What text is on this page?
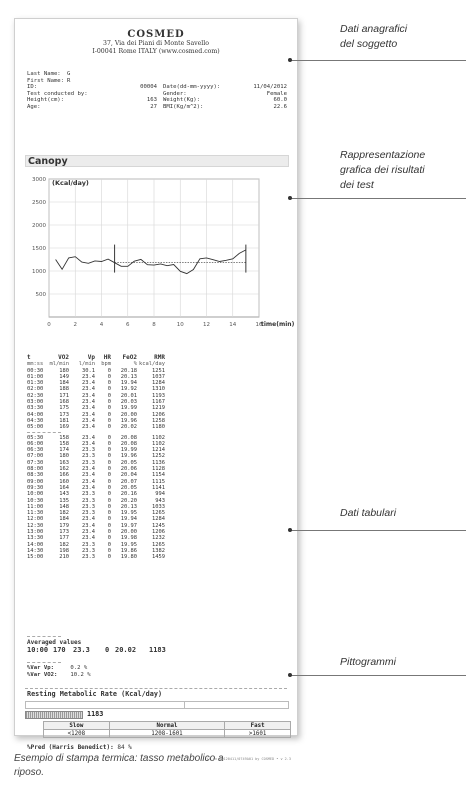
COSMED
37, Via dei Piani di Monte Savello
I-00041 Rome ITALY (www.cosmed.com)
Last Name: G
First Name: R
ID:	00004 Date(dd-mm-yyyy):	11/04/2012
Test conducted by:	Gender:	Female
Height(cm):	163 Weight(Kg):	60.0
Age:	27 BMI(Kg/m^2):	22.6
Canopy
500
1000
1500
2000
2500
3000
0	2	4	6	8	10	12	14	16
(Kcal/day)
time(min)
t	VO2	Vp	HR	FeO2	RMR
mm:ss	ml/min	l/min	bpm	% kcal/day
00:30	180	30.1	0	20.18	1251
01:00	149	23.4	0	20.13	1037
01:30	184	23.4	0	19.94	1284
02:00	188	23.4	0	19.92	1310
02:30	171	23.4	0	20.01	1193
03:00	168	23.4	0	20.03	1167
03:30	175	23.4	0	19.99	1219
04:00	173	23.4	0	20.00	1206
04:30	181	23.4	0	19.96	1258
05:00	169	23.4	0	20.02	1180
05:30	158	23.4	0	20.08	1102
06:00	158	23.4	0	20.08	1102
06:30	174	23.3	0	19.99	1214
07:00	180	23.3	0	19.96	1252
07:30	163	23.3	0	20.05	1136
08:00	162	23.4	0	20.06	1128
08:30	166	23.4	0	20.04	1154
09:00	160	23.4	0	20.07	1115
09:30	164	23.4	0	20.05	1141
10:00	143	23.3	0	20.16	994
10:30	135	23.3	0	20.20	943
11:00	148	23.3	0	20.13	1033
11:30	182	23.3	0	19.95	1265
12:00	184	23.4	0	19.94	1284
12:30	179	23.4	0	19.97	1245
13:00	173	23.4	0	20.00	1206
13:30	177	23.4	0	19.98	1232
14:00	182	23.3	0	19.95	1265
14:30	198	23.3	0	19.86	1382
15:00	210	23.3	0	19.80	1459
Averaged values
10:00 170 23.3 0 20.02 1183
%Var Vp:	0.2 %
%Var VO2: 10.2 %
Resting Metabolic Rate (Kcal/day)
1183
Slow	Normal	Fast
<1208	1208-1601	>1601
%Pred (Harris Benedict): 84 %
fit.fn 20120411/0749A01 by COSMED • v 2.3
Dati anagrafici
del soggetto
Rappresentazione
grafica dei risultati
dei test
Dati tabulari
Pittogrammi
Esempio di stampa termica: tasso metabolico a
riposo.
